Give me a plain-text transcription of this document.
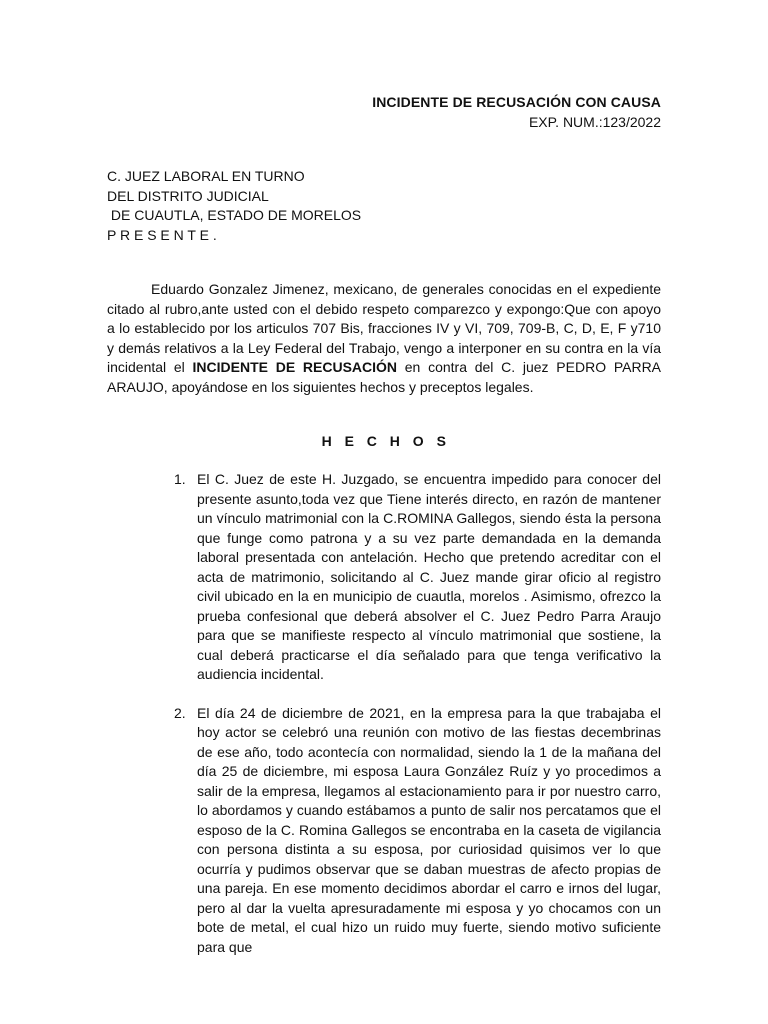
INCIDENTE DE RECUSACIÓN CON CAUSA
EXP. NUM.:123/2022
C. JUEZ LABORAL EN TURNO
DEL DISTRITO JUDICIAL
DE CUAUTLA, ESTADO DE MORELOS
P R E S E N T E .

Eduardo Gonzalez Jimenez, mexicano, de generales conocidas en el expediente citado al rubro,ante usted con el debido respeto comparezco y expongo:Que con apoyo a lo establecido por los articulos 707 Bis, fracciones IV y VI, 709, 709-B, C, D, E, F y710 y demás relativos a la Ley Federal del Trabajo, vengo a interponer en su contra en la vía incidental el INCIDENTE DE RECUSACIÓN en contra del C. juez PEDRO PARRA ARAUJO, apoyándose en los siguientes hechos y preceptos legales.

H E C H O S
1. El C. Juez de este H. Juzgado, se encuentra impedido para conocer del presente asunto,toda vez que Tiene interés directo, en razón de mantener un vínculo matrimonial con la C.ROMINA Gallegos, siendo ésta la persona que funge como patrona y a su vez parte demandada en la demanda laboral presentada con antelación. Hecho que pretendo acreditar con el acta de matrimonio, solicitando al C. Juez mande girar oficio al registro civil ubicado en la en municipio de cuautla, morelos . Asimismo, ofrezco la prueba confesional que deberá absolver el C. Juez Pedro Parra Araujo para que se manifieste respecto al vínculo matrimonial que sostiene, la cual deberá practicarse el día señalado para que tenga verificativo la audiencia incidental.
2. El día 24 de diciembre de 2021, en la empresa para la que trabajaba el hoy actor se celebró una reunión con motivo de las fiestas decembrinas de ese año, todo acontecía con normalidad, siendo la 1 de la mañana del día 25 de diciembre, mi esposa Laura González Ruíz y yo procedimos a salir de la empresa, llegamos al estacionamiento para ir por nuestro carro, lo abordamos y cuando estábamos a punto de salir nos percatamos que el esposo de la C. Romina Gallegos se encontraba en la caseta de vigilancia con persona distinta a su esposa, por curiosidad quisimos ver lo que ocurría y pudimos observar que se daban muestras de afecto propias de una pareja. En ese momento decidimos abordar el carro e irnos del lugar, pero al dar la vuelta apresuradamente mi esposa y yo chocamos con un bote de metal, el cual hizo un ruido muy fuerte, siendo motivo suficiente para que
